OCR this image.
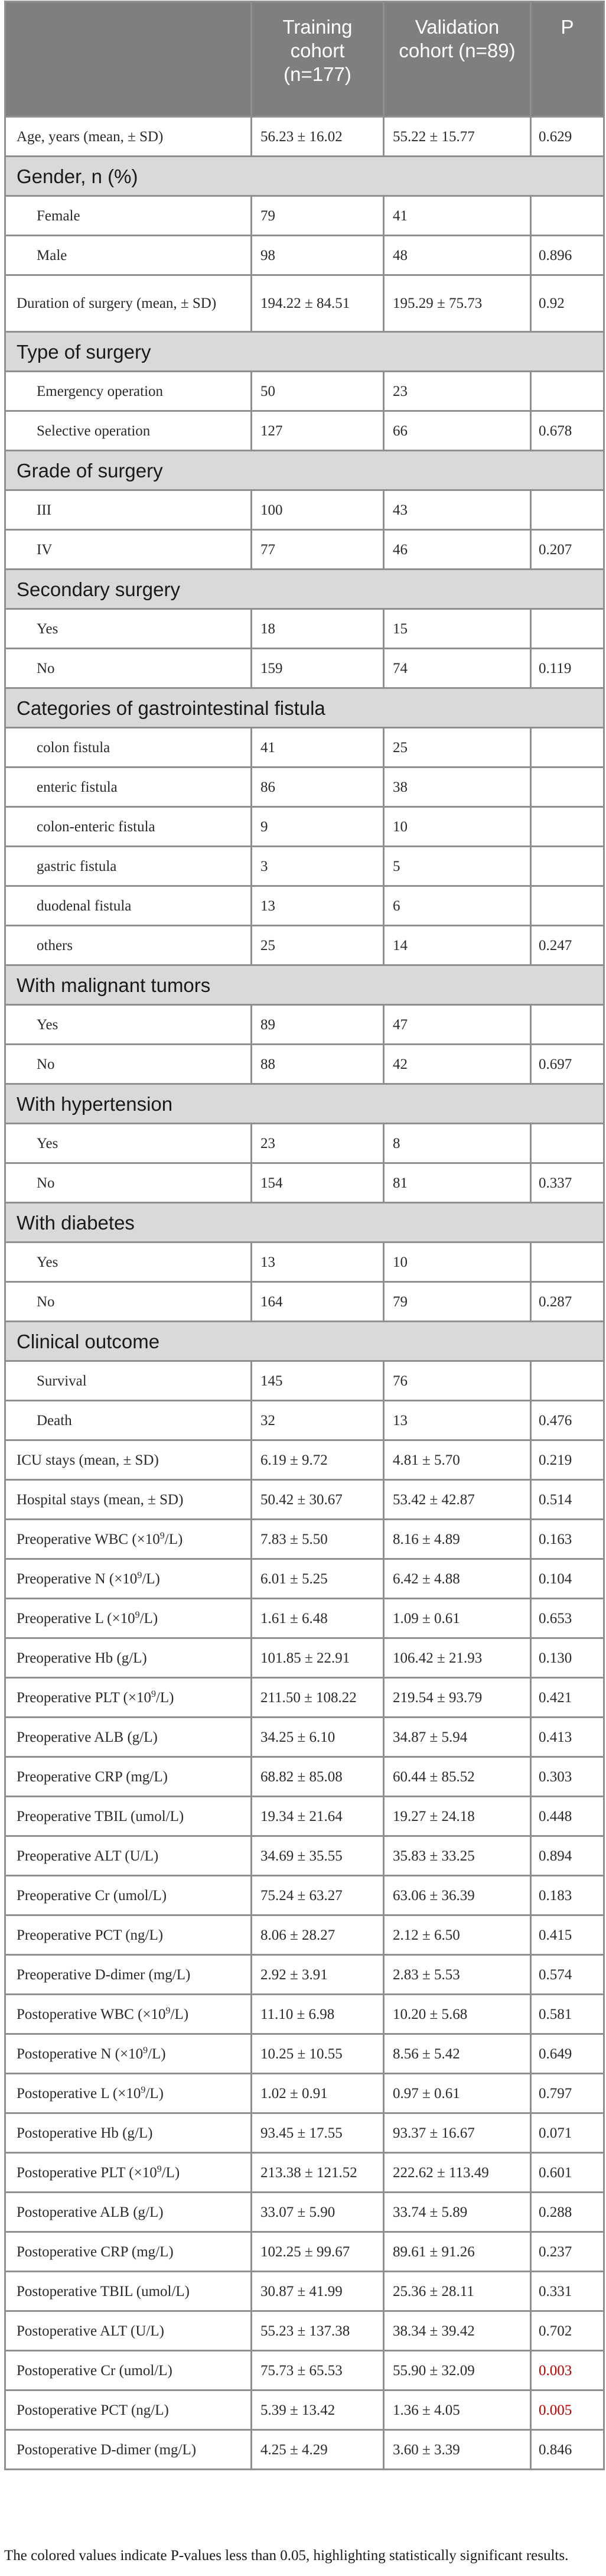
	Training cohort (n=177)	Validation cohort (n=89)	P
Age, years (mean, ± SD)	56.23 ± 16.02	55.22 ± 15.77	0.629
Gender, n (%)			
Female	79	41	
Male	98	48	0.896
Duration of surgery (mean, ± SD)	194.22 ± 84.51	195.29 ± 75.73	0.92
Type of surgery			
Emergency operation	50	23	
Selective operation	127	66	0.678
Grade of surgery			
III	100	43	
IV	77	46	0.207
Secondary surgery			
Yes	18	15	
No	159	74	0.119
Categories of gastrointestinal fistula			
colon fistula	41	25	
enteric fistula	86	38	
colon-enteric fistula	9	10	
gastric fistula	3	5	
duodenal fistula	13	6	
others	25	14	0.247
With malignant tumors			
Yes	89	47	
No	88	42	0.697
With hypertension			
Yes	23	8	
No	154	81	0.337
With diabetes			
Yes	13	10	
No	164	79	0.287
Clinical outcome			
Survival	145	76	
Death	32	13	0.476
ICU stays (mean, ± SD)	6.19 ± 9.72	4.81 ± 5.70	0.219
Hospital stays (mean, ± SD)	50.42 ± 30.67	53.42 ± 42.87	0.514
Preoperative WBC $(\times 10^9/L)$	7.83 ± 5.50	8.16 ± 4.89	0.163
Preoperative N $(\times 10^9/L)$	6.01 ± 5.25	6.42 ± 4.88	0.104
Preoperative L $(\times 10^9/L)$	1.61 ± 6.48	1.09 ± 0.61	0.653
Preoperative Hb (g/L)	101.85 ± 22.91	106.42 ± 21.93	0.130
Preoperative PLT $(\times 10^9/L)$	211.50 ± 108.22	219.54 ± 93.79	0.421
Preoperative ALB (g/L)	34.25 ± 6.10	34.87 ± 5.94	0.413
Preoperative CRP (mg/L)	68.82 ± 85.08	60.44 ± 85.52	0.303
Preoperative TBIL (umol/L)	19.34 ± 21.64	19.27 ± 24.18	0.448
Preoperative ALT (U/L)	34.69 ± 35.55	35.83 ± 33.25	0.894
Preoperative Cr (umol/L)	75.24 ± 63.27	63.06 ± 36.39	0.183
Preoperative PCT (ng/L)	8.06 ± 28.27	2.12 ± 6.50	0.415
Preoperative D-dimer (mg/L)	2.92 ± 3.91	2.83 ± 5.53	0.574
Postoperative WBC $(\times 10^9/L)$	11.10 ± 6.98	10.20 ± 5.68	0.581
Postoperative N $(\times 10^9/L)$	10.25 ± 10.55	8.56 ± 5.42	0.649
Postoperative L $(\times 10^9/L)$	1.02 ± 0.91	0.97 ± 0.61	0.797
Postoperative Hb (g/L)	93.45 ± 17.55	93.37 ± 16.67	0.071
Postoperative PLT $(\times 10^9/L)$	213.38 ± 121.52	222.62 ± 113.49	0.601
Postoperative ALB (g/L)	33.07 ± 5.90	33.74 ± 5.89	0.288
Postoperative CRP (mg/L)	102.25 ± 99.67	89.61 ± 91.26	0.237
Postoperative TBIL (umol/L)	30.87 ± 41.99	25.36 ± 28.11	0.331
Postoperative ALT (U/L)	55.23 ± 137.38	38.34 ± 39.42	0.702
Postoperative Cr (umol/L)	75.73 ± 65.53	55.90 ± 32.09	0.003
Postoperative PCT (ng/L)	5.39 ± 13.42	1.36 ± 4.05	0.005
Postoperative D-dimer (mg/L)	4.25 ± 4.29	3.60 ± 3.39	0.846
The colored values indicate P-values less than 0.05, highlighting statistically significant results.
